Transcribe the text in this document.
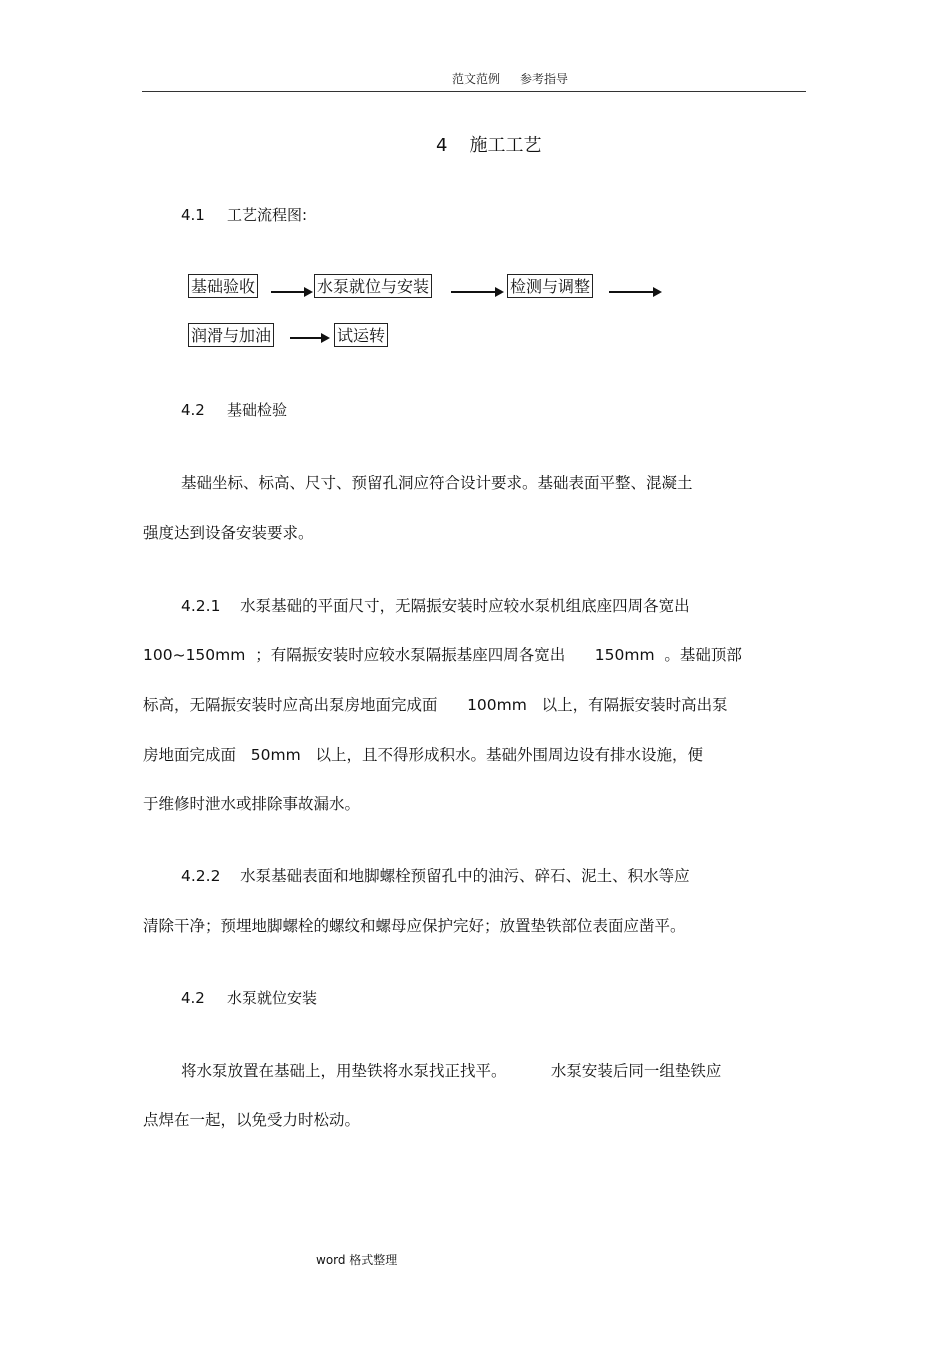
范文范例 参考指导
4 施工工艺
4.1 工艺流程图:
基础验收	水泵就位与安装	检测与调整
润滑与加油	试运转
4.2 基础检验
基础坐标、标高、尺寸、预留孔洞应符合设计要求。基础表面平整、混凝土
强度达到设备安装要求。
4.2.1    水泵基础的平面尺寸，无隔振安装时应较水泵机组底座四周各宽出
100~150mm  ；有隔振安装时应较水泵隔振基座四周各宽出      150mm  。基础顶部
标高，无隔振安装时应高出泵房地面完成面      100mm   以上，有隔振安装时高出泵
房地面完成面   50mm   以上，且不得形成积水。基础外围周边设有排水设施，便
于维修时泄水或排除事故漏水。
4.2.2    水泵基础表面和地脚螺栓预留孔中的油污、碎石、泥土、积水等应
清除干净；预埋地脚螺栓的螺纹和螺母应保护完好；放置垫铁部位表面应凿平。
4.2 水泵就位安装
将水泵放置在基础上，用垫铁将水泵找正找平。         水泵安装后同一组垫铁应
点焊在一起，以免受力时松动。
word 格式整理
